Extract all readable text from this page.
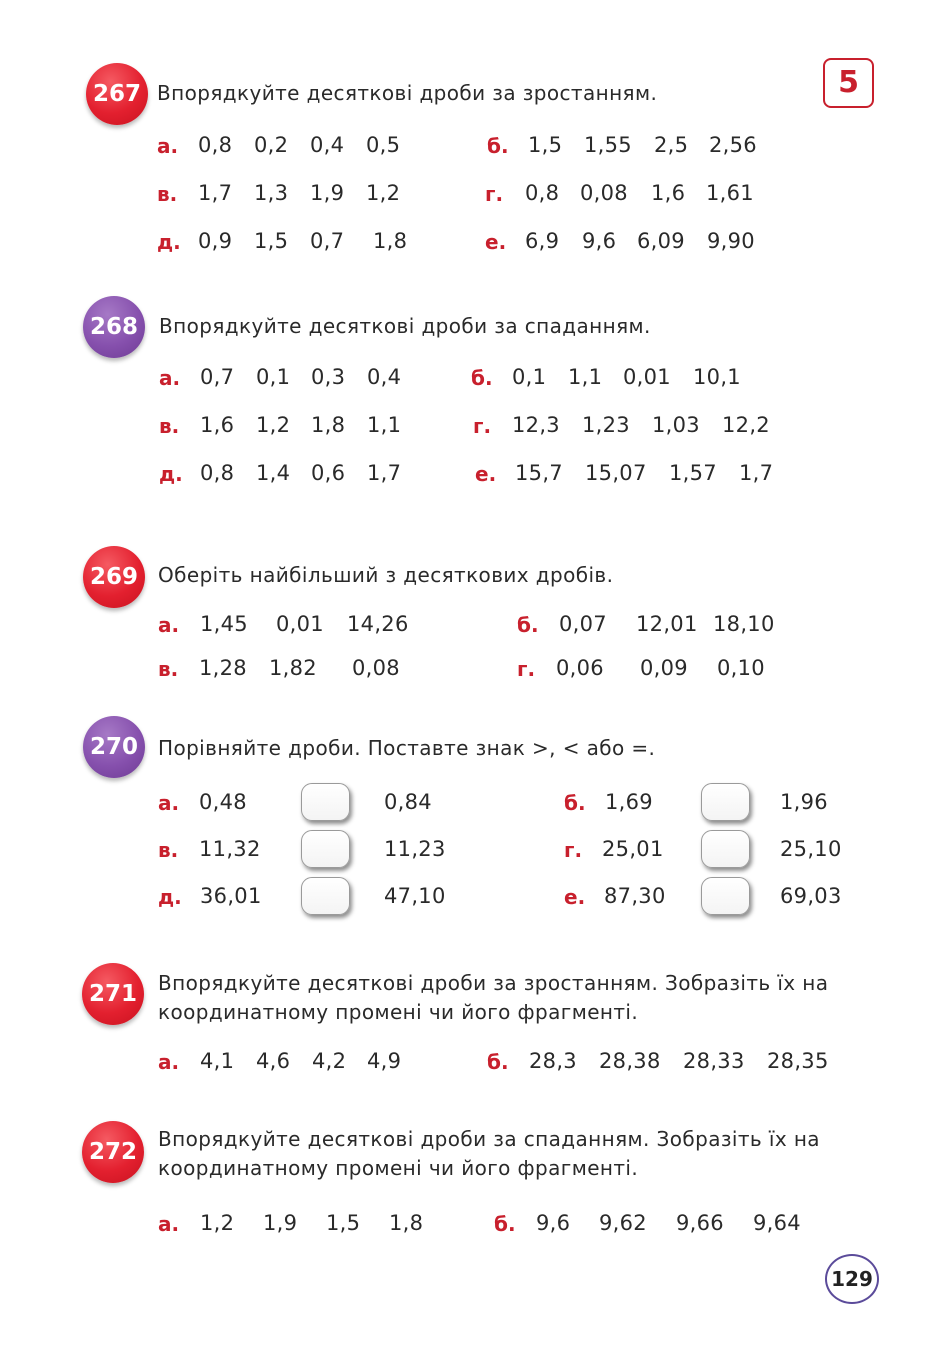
5
129
267 Впорядкуйте десяткові дроби за зростанням.
а. 0,8 0,2 0,4 0,5	б. 1,5 1,55 2,5 2,56
в. 1,7 1,3 1,9 1,2	г. 0,8 0,08 1,6 1,61
д. 0,9 1,5 0,7 1,8	е. 6,9 9,6 6,09 9,90
268	Впорядкуйте десяткові дроби за спаданням.
а. 0,7 0,1 0,3 0,4	б. 0,1 1,1 0,01 10,1
в. 1,6 1,2 1,8 1,1	г. 12,3 1,23 1,03 12,2
д. 0,8 1,4 0,6 1,7	е. 15,7 15,07 1,57 1,7
269	Оберіть найбільший з десяткових дробів.
а. 1,45 0,01 14,26	б. 0,07 12,01 18,10
в. 1,28 1,82 0,08	г. 0,06 0,09 0,10
270	Порівняйте дроби. Поставте знак >, < або =.
а. 0,48	0,84	б. 1,69	1,96
в. 11,32	11,23	г. 25,01	25,10
д. 36,01	47,10	е. 87,30	69,03
271	Впорядкуйте десяткові дроби за зростанням. Зобразіть їх на
координатному промені чи його фрагменті.
а. 4,1 4,6 4,2 4,9	б. 28,3 28,38 28,33 28,35
272	Впорядкуйте десяткові дроби за спаданням. Зобразіть їх на
координатному промені чи його фрагменті.
а. 1,2 1,9 1,5 1,8	б. 9,6 9,62 9,66 9,64
